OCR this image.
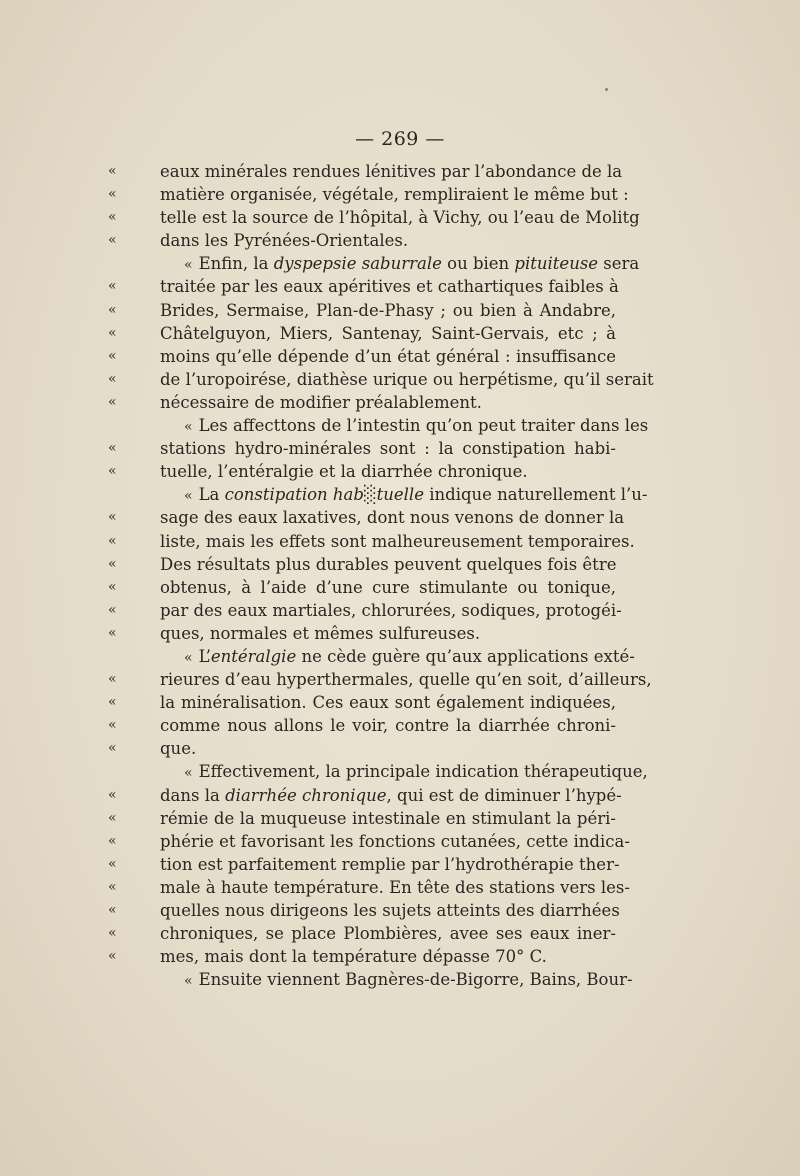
— 269 —
«	eaux minérales rendues lénitives par l’abondance de la
«	matière organisée, végétale, rempliraient le même but :
«	telle est la source de l’hôpital, à Vichy, ou l’eau de Molitg
«	dans les Pyrénées-Orientales.
« Enfin, la dyspepsie saburrale ou bien pituiteuse sera
«	traitée par les eaux apéritives et cathartiques faibles à
«	Brides, Sermaise, Plan-de-Phasy ; ou bien à Andabre,
«	Châtelguyon, Miers, Santenay, Saint-Gervais, etc ; à
«	moins qu’elle dépende d’un état général : insuffisance
«	de l’uropoirése, diathèse urique ou herpétisme, qu’il serait
«	nécessaire de modifier préalablement.
« Les affecttons de l’intestin qu’on peut traiter dans les
«	stations hydro-minérales sont : la constipation habi-
«	tuelle, l’entéralgie et la diarrhée chronique.
« La constipation hab░tuelle indique naturellement l’u-
«	sage des eaux laxatives, dont nous venons de donner la
«	liste, mais les effets sont malheureusement temporaires.
«	Des résultats plus durables peuvent quelques fois être
«	obtenus, à l’aide d’une cure stimulante ou tonique,
«	par des eaux martiales, chlorurées, sodiques, protogéi-
«	ques, normales et mêmes sulfureuses.
« L’entéralgie ne cède guère qu’aux applications exté-
«	rieures d’eau hyperthermales, quelle qu’en soit, d’ailleurs,
«	la minéralisation. Ces eaux sont également indiquées,
«	comme nous allons le voir, contre la diarrhée chroni-
«	que.
« Effectivement, la principale indication thérapeutique,
«	dans la diarrhée chronique, qui est de diminuer l’hypé-
«	rémie de la muqueuse intestinale en stimulant la péri-
«	phérie et favorisant les fonctions cutanées, cette indica-
«	tion est parfaitement remplie par l’hydrothérapie ther-
«	male à haute température. En tête des stations vers les-
«	quelles nous dirigeons les sujets atteints des diarrhées
«	chroniques, se place Plombières, avee ses eaux iner-
«	mes, mais dont la température dépasse 70° C.
« Ensuite viennent Bagnères-de-Bigorre, Bains, Bour-
